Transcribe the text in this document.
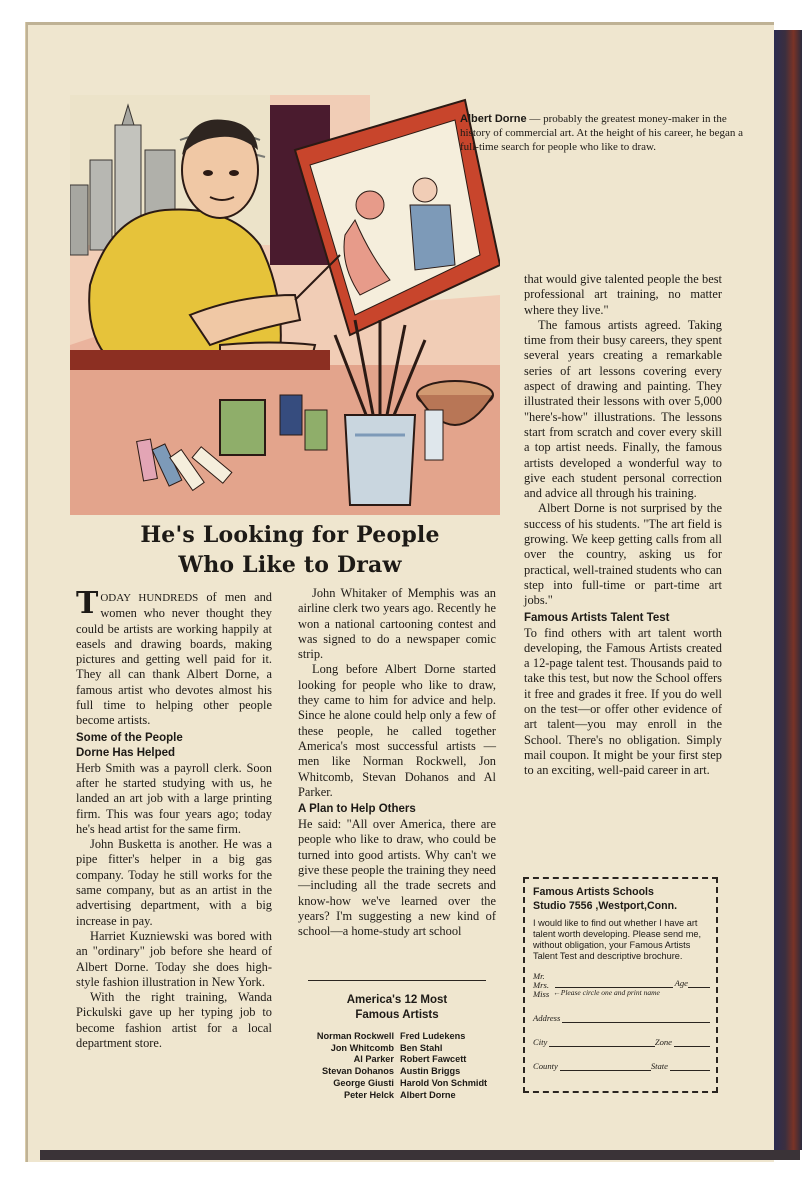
Albert Dorne — probably the greatest money-maker in the history of commercial art. At the height of his career, he began a full-time search for people who like to draw.
He's Looking for People
Who Like to Draw

TODAY HUNDREDS of men and women who never thought they could be artists are working happily at easels and drawing boards, making pictures and getting well paid for it. They all can thank Albert Dorne, a famous artist who devotes almost his full time to helping other people become artists.

Some of the People
Dorne Has Helped

Herb Smith was a payroll clerk. Soon after he started studying with us, he landed an art job with a large printing firm. This was four years ago; today he's head artist for the same firm.

John Busketta is another. He was a pipe fitter's helper in a big gas company. Today he still works for the same company, but as an artist in the advertising department, with a big increase in pay.

Harriet Kuzniewski was bored with an "ordinary" job before she heard of Albert Dorne. Today she does high-style fashion illustration in New York.

With the right training, Wanda Pickulski gave up her typing job to become fashion artist for a local department store.

John Whitaker of Memphis was an airline clerk two years ago. Recently he won a national cartooning contest and was signed to do a newspaper comic strip.

Long before Albert Dorne started looking for people who like to draw, they came to him for advice and help. Since he alone could help only a few of these people, he called together America's most successful artists —men like Norman Rockwell, Jon Whitcomb, Stevan Dohanos and Al Parker.

A Plan to Help Others

He said: "All over America, there are people who like to draw, who could be turned into good artists. Why can't we give these people the training they need—including all the trade secrets and know-how we've learned over the years? I'm suggesting a new kind of school—a home-study art school

America's 12 Most
Famous Artists
Norman Rockwell Fred Ludekens
Jon Whitcomb Ben Stahl
Al Parker Robert Fawcett
Stevan Dohanos Austin Briggs
George Giusti Harold Von Schmidt
Peter Helck Albert Dorne

that would give talented people the best professional art training, no matter where they live."

The famous artists agreed. Taking time from their busy careers, they spent several years creating a remarkable series of art lessons covering every aspect of drawing and painting. They illustrated their lessons with over 5,000 "here's-how" illustrations. The lessons start from scratch and cover every skill a top artist needs. Finally, the famous artists developed a wonderful way to give each student personal correction and advice all through his training.

Albert Dorne is not surprised by the success of his students. "The art field is growing. We keep getting calls from all over the country, asking us for practical, well-trained students who can step into full-time or part-time art jobs."

Famous Artists Talent Test

To find others with art talent worth developing, the Famous Artists created a 12-page talent test. Thousands paid to take this test, but now the School offers it free and grades it free. If you do well on the test—or offer other evidence of art talent—you may enroll in the School. There's no obligation. Simply mail coupon. It might be your first step to an exciting, well-paid career in art.

Famous Artists Schools
Studio 7556 ,Westport,Conn.
I would like to find out whether I have art talent worth developing. Please send me, without obligation, your Famous Artists Talent Test and descriptive brochure.
Mr.
Mrs.
Miss
Age
←Please circle one and print name
Address
City	Zone
County	State
